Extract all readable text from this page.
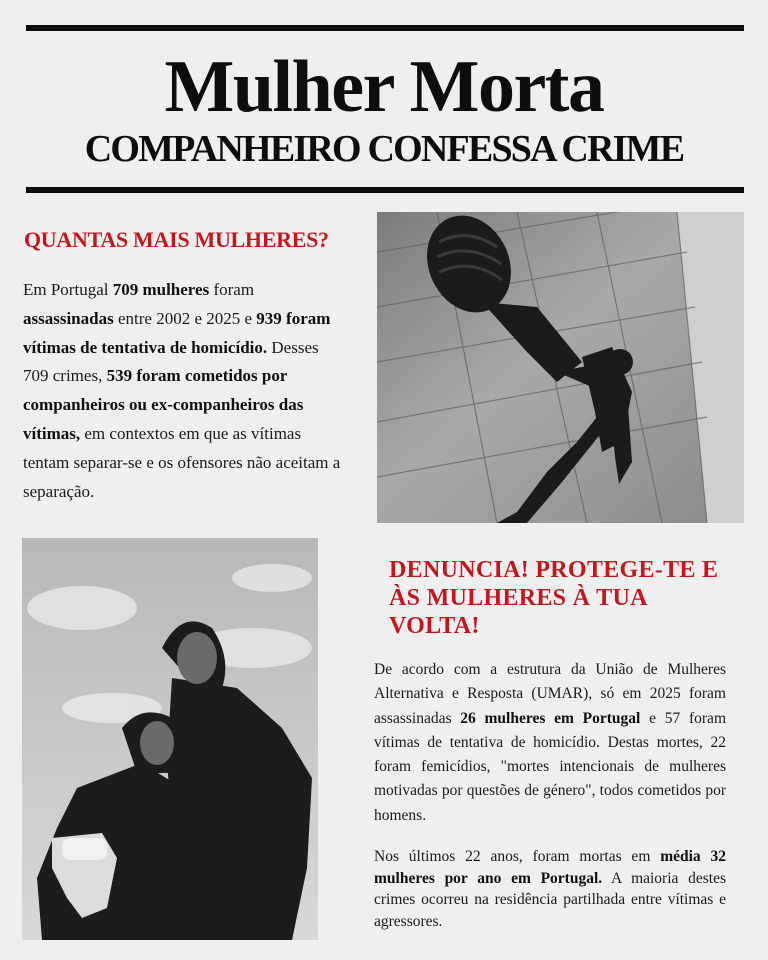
Mulher Morta
COMPANHEIRO CONFESSA CRIME
QUANTAS MAIS MULHERES?

Em Portugal 709 mulheres foram assassinadas entre 2002 e 2025 e 939 foram vítimas de tentativa de homicídio. Desses 709 crimes, 539 foram cometidos por companheiros ou ex-companheiros das vítimas, em contextos em que as vítimas tentam separar-se e os ofensores não aceitam a separação.

DENUNCIA! PROTEGE-TE E ÀS MULHERES À TUA VOLTA!

De acordo com a estrutura da União de Mulheres Alternativa e Resposta (UMAR), só em 2025 foram assassinadas 26 mulheres em Portugal e 57 foram vítimas de tentativa de homicídio. Destas mortes, 22 foram femicídios, "mortes intencionais de mulheres motivadas por questões de género", todos cometidos por homens.

Nos últimos 22 anos, foram mortas em média 32 mulheres por ano em Portugal. A maioria destes crimes ocorreu na residência partilhada entre vítimas e agressores.
